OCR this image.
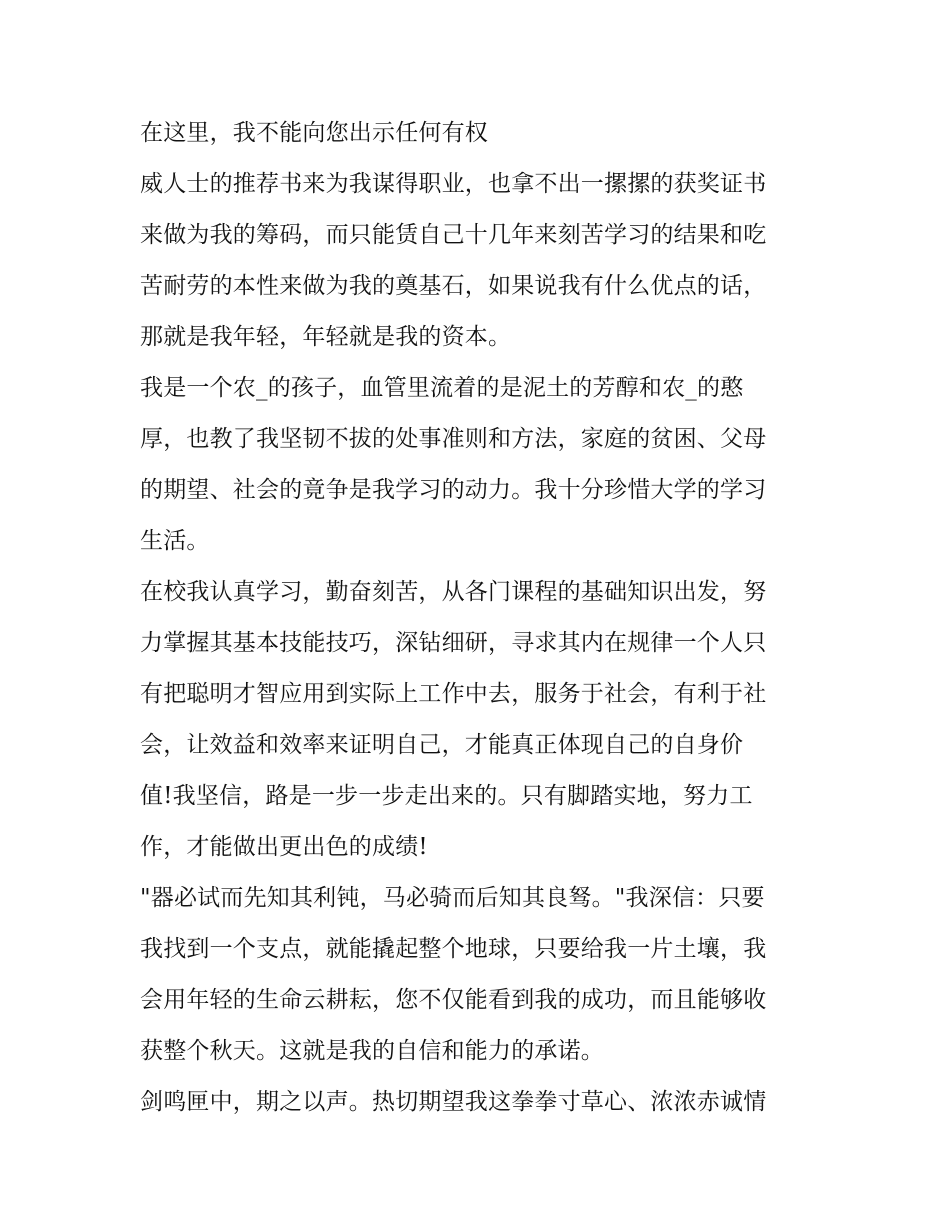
在这里，我不能向您出示任何有权
威人士的推荐书来为我谋得职业，也拿不出一摞摞的获奖证书
来做为我的筹码，而只能赁自己十几年来刻苦学习的结果和吃
苦耐劳的本性来做为我的奠基石，如果说我有什么优点的话，
那就是我年轻，年轻就是我的资本。
我是一个农_的孩子，血管里流着的是泥土的芳醇和农_的憨
厚，也教了我坚韧不拔的处事准则和方法，家庭的贫困、父母
的期望、社会的竟争是我学习的动力。我十分珍惜大学的学习
生活。
在校我认真学习，勤奋刻苦，从各门课程的基础知识出发，努
力掌握其基本技能技巧，深钻细研，寻求其内在规律一个人只
有把聪明才智应用到实际上工作中去，服务于社会，有利于社
会，让效益和效率来证明自己，才能真正体现自己的自身价
值!我坚信，路是一步一步走出来的。只有脚踏实地，努力工
作，才能做出更出色的成绩!
"器必试而先知其利钝，马必骑而后知其良驽。"我深信：只要
我找到一个支点，就能撬起整个地球，只要给我一片土壤，我
会用年轻的生命云耕耘，您不仅能看到我的成功，而且能够收
获整个秋天。这就是我的自信和能力的承诺。
剑鸣匣中，期之以声。热切期望我这拳拳寸草心、浓浓赤诚情
